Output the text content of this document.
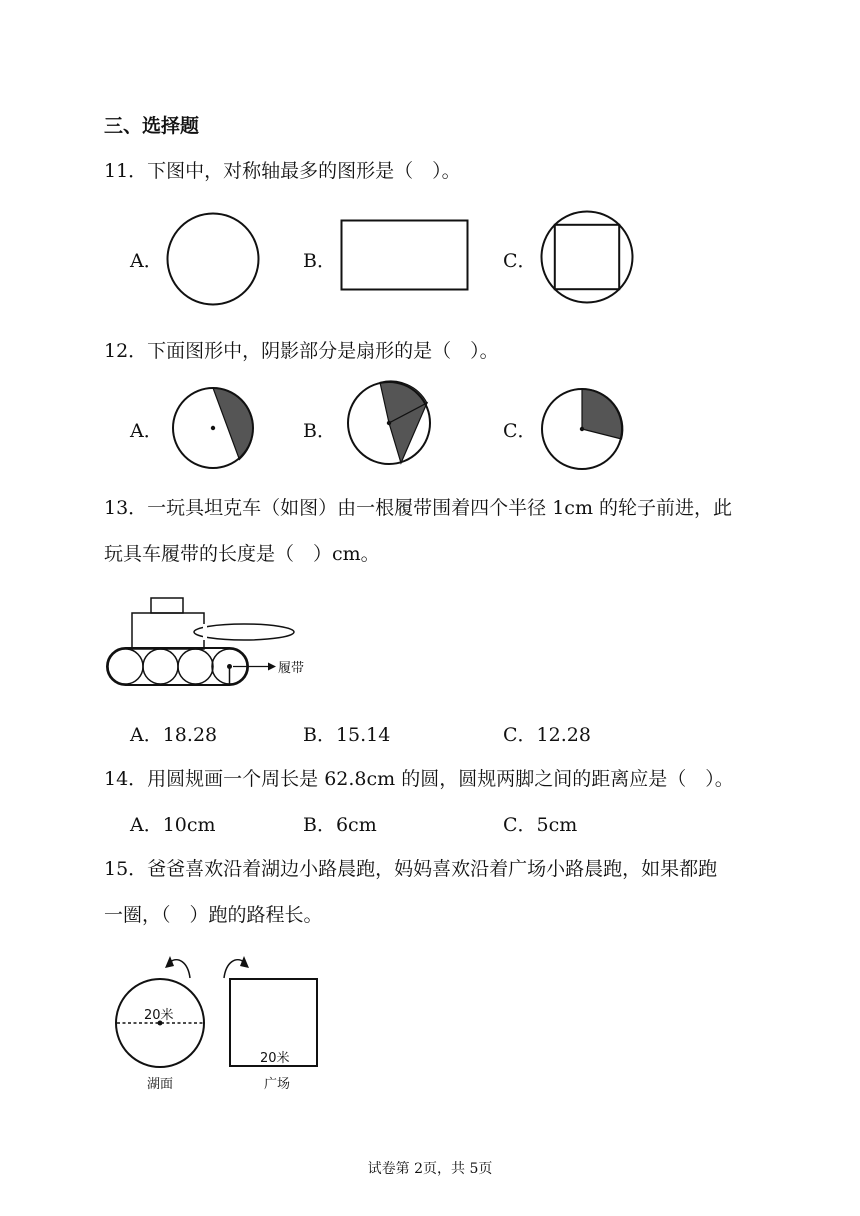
三、选择题
11．下图中，对称轴最多的图形是（　）。
A．	B．	C．
12．下面图形中，阴影部分是扇形的是（　）。
A．	B．	C．
13．一玩具坦克车（如图）由一根履带围着四个半径 1cm 的轮子前进，此
玩具车履带的长度是（　）cm。
履带
A．18.28	B．15.14	C．12.28
14．用圆规画一个周长是 62.8cm 的圆，圆规两脚之间的距离应是（　）。
A．10cm	B．6cm	C．5cm
15．爸爸喜欢沿着湖边小路晨跑，妈妈喜欢沿着广场小路晨跑，如果都跑
一圈，（　）跑的路程长。
20米
湖面
20米
广场
试卷第 2页，共 5页
